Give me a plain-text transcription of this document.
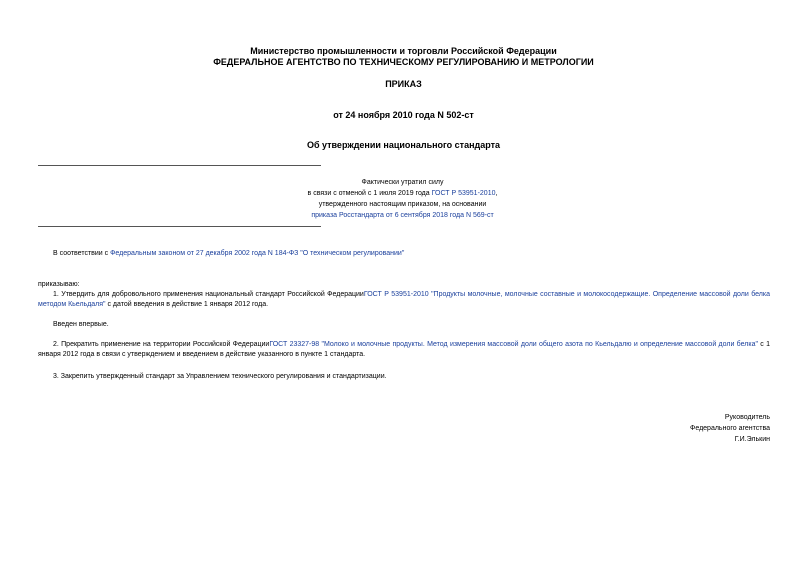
Министерство промышленности и торговли Российской Федерации
ФЕДЕРАЛЬНОЕ АГЕНТСТВО ПО ТЕХНИЧЕСКОМУ РЕГУЛИРОВАНИЮ И МЕТРОЛОГИИ
ПРИКАЗ
от 24 ноября 2010 года N 502-ст
Об утверждении национального стандарта
Фактически утратил силу
в связи с отменой с 1 июля 2019 года ГОСТ Р 53951-2010,
утвержденного настоящим приказом, на основании
приказа Росстандарта от 6 сентября 2018 года N 569-ст
В соответствии с Федеральным законом от 27 декабря 2002 года N 184-ФЗ "О техническом регулировании"
приказываю:
1. Утвердить для добровольного применения национальный стандарт Российской ФедерацииГОСТ Р 53951-2010 "Продукты молочные, молочные составные и молокосодержащие. Определение массовой доли белка методом Кьельдаля" с датой введения в действие 1 января 2012 года.
Введен впервые.
2. Прекратить применение на территории Российской ФедерацииГОСТ 23327-98 "Молоко и молочные продукты. Метод измерения массовой доли общего азота по Кьельдалю и определение массовой доли белка" с 1 января 2012 года в связи с утверждением и введением в действие указанного в пункте 1 стандарта.
3. Закрепить утвержденный стандарт за Управлением технического регулирования и стандартизации.
Руководитель
Федерального агентства
Г.И.Элькин
